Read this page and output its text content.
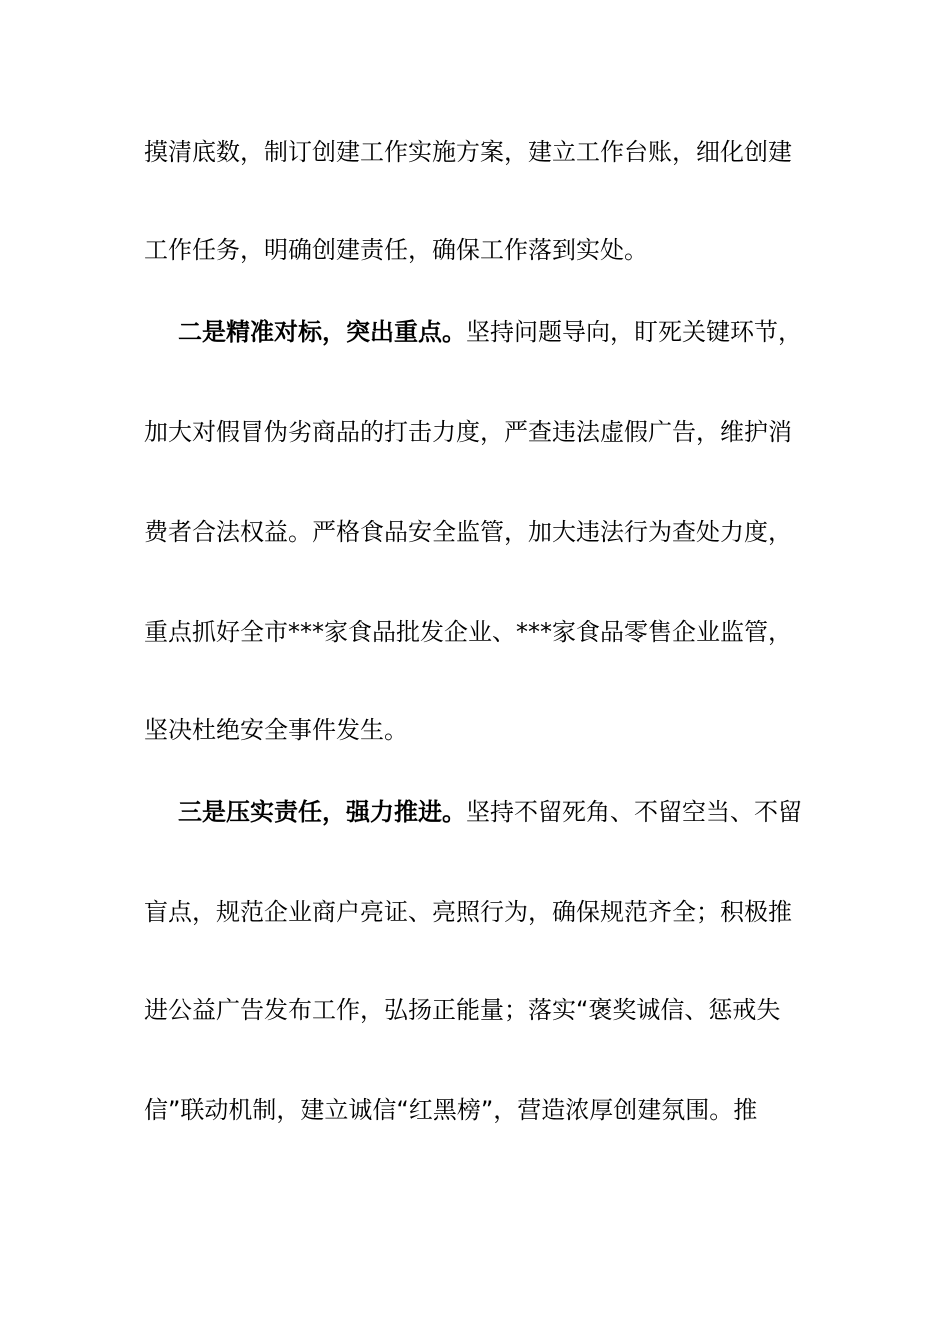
摸清底数，制订创建工作实施方案，建立工作台账，细化创建
工作任务，明确创建责任，确保工作落到实处。
二是精准对标，突出重点。坚持问题导向，盯死关键环节，
加大对假冒伪劣商品的打击力度，严查违法虚假广告，维护消
费者合法权益。严格食品安全监管，加大违法行为查处力度，
重点抓好全市***家食品批发企业、***家食品零售企业监管，
坚决杜绝安全事件发生。
三是压实责任，强力推进。坚持不留死角、不留空当、不留
盲点，规范企业商户亮证、亮照行为，确保规范齐全；积极推
进公益广告发布工作，弘扬正能量；落实“褒奖诚信、惩戒失
信”联动机制，建立诚信“红黑榜”，营造浓厚创建氛围。推
